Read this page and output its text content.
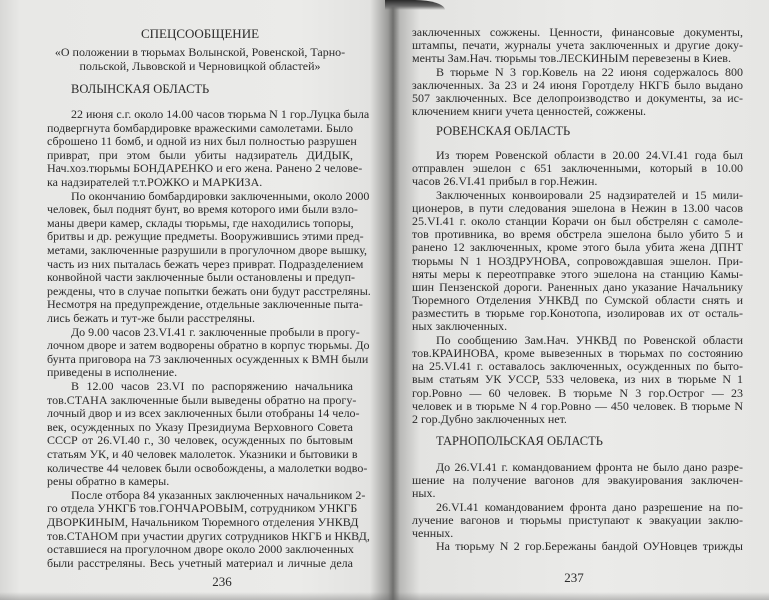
СПЕЦСООБЩЕНИЕ
«О положении в тюрьмах Волынской, Ровенской, Тарно-
польской, Львовской и Черновицкой областей»
ВОЛЫНСКАЯ ОБЛАСТЬ
22 июня с.г. около 14.00 часов тюрьма N 1 гор.Луцка была
подвергнута бомбардировке вражескими самолетами. Было
сброшено 11 бомб, и одной из них был полностью разрушен
приврат, при этом были убиты надзиратель ДИДЫК,
Нач.хоз.тюрьмы БОНДАРЕНКО и его жена. Ранено 2 челове-
ка надзирателей т.т.РОЖКО и МАРКИЗА.
По окончанию бомбардировки заключенными, около 2000
человек, был поднят бунт, во время которого ими были взло-
маны двери камер, склады тюрьмы, где находились топоры,
бритвы и др. режущие предметы. Вооружившись этими пред-
метами, заключенные разрушили в прогулочном дворе вышку,
часть из них пыталась бежать через приврат. Подразделением
конвойной части заключенные были остановлены и предуп-
реждены, что в случае попытки бежать они будут расстреляны.
Несмотря на предупреждение, отдельные заключенные пыта-
лись бежать и тут-же были расстреляны.
До 9.00 часов 23.VI.41 г. заключенные пробыли в прогу-
лочном дворе и затем водворены обратно в корпус тюрьмы. До
бунта приговора на 73 заключенных осужденных к ВМН были
приведены в исполнение.
В 12.00 часов 23.VI по распоряжению начальника
тов.СТАНА заключенные были выведены обратно на прогу-
лочный двор и из всех заключенных были отобраны 14 чело-
век, осужденных по Указу Президиума Верховного Совета
СССР от 26.VI.40 г., 30 человек, осужденных по бытовым
статьям УК, и 40 человек малолеток. Указники и бытовики в
количестве 44 человек были освобождены, а малолетки водво-
рены обратно в камеры.
После отбора 84 указанных заключенных начальником 2-
го отдела УНКГБ тов.ГОНЧАРОВЫМ, сотрудником УНКГБ
ДВОРКИНЫМ, Начальником Тюремного отделения УНКВД
тов.СТАНОМ при участии других сотрудников НКГБ и НКВД,
оставшиеся на прогулочном дворе около 2000 заключенных
были расстреляны. Весь учетный материал и личные дела
заключенных сожжены. Ценности, финансовые документы,
штампы, печати, журналы учета заключенных и другие доку-
менты Зам.Нач. тюрьмы тов.ЛЕСКИНЫМ перевезены в Киев.
В тюрьме N 3 гор.Ковель на 22 июня содержалось 800
заключенных. За 23 и 24 июня Горотделу НКГБ было выдано
507 заключенных. Все делопроизводство и документы, за ис-
ключением книги учета ценностей, сожжены.
РОВЕНСКАЯ ОБЛАСТЬ
Из тюрем Ровенской области в 20.00 24.VI.41 года был
отправлен эшелон с 651 заключенными, который в 10.00
часов 26.VI.41 прибыл в гор.Нежин.
Заключенных конвоировали 25 надзирателей и 15 мили-
ционеров, в пути следования эшелона в Нежин в 13.00 часов
25.VI.41 г. около станции Корачи он был обстрелян с самоле-
тов противника, во время обстрела эшелона было убито 5 и
ранено 12 заключенных, кроме этого была убита жена ДПНТ
тюрьмы N 1 НОЗДРУНОВА, сопровождавшая эшелон. При-
няты меры к переотправке этого эшелона на станцию Камы-
шин Пензенской дороги. Раненных дано указание Начальнику
Тюремного Отделения УНКВД по Сумской области снять и
разместить в тюрьме гор.Конотопа, изолировав их от осталь-
ных заключенных.
По сообщению Зам.Нач. УНКВД по Ровенской области
тов.КРАИНОВА, кроме вывезенных в тюрьмах по состоянию
на 25.VI.41 г. оставалось заключенных, осужденных по быто-
вым статьям УК УССР, 533 человека, из них в тюрьме N 1
гор.Ровно — 60 человек. В тюрьме N 3 гор.Острог — 23
человек и в тюрьме N 4 гор.Ровно — 450 человек. В тюрьме N
2 гор.Дубно заключенных нет.
ТАРНОПОЛЬСКАЯ ОБЛАСТЬ
До 26.VI.41 г. командованием фронта не было дано разре-
шение на получение вагонов для эвакуирования заключен-
ных.
26.VI.41 командованием фронта дано разрешение на по-
лучение вагонов и тюрьмы приступают к эвакуации заклю-
ченных.
На тюрьму N 2 гор.Бережаны бандой ОУНовцев трижды
236	237
